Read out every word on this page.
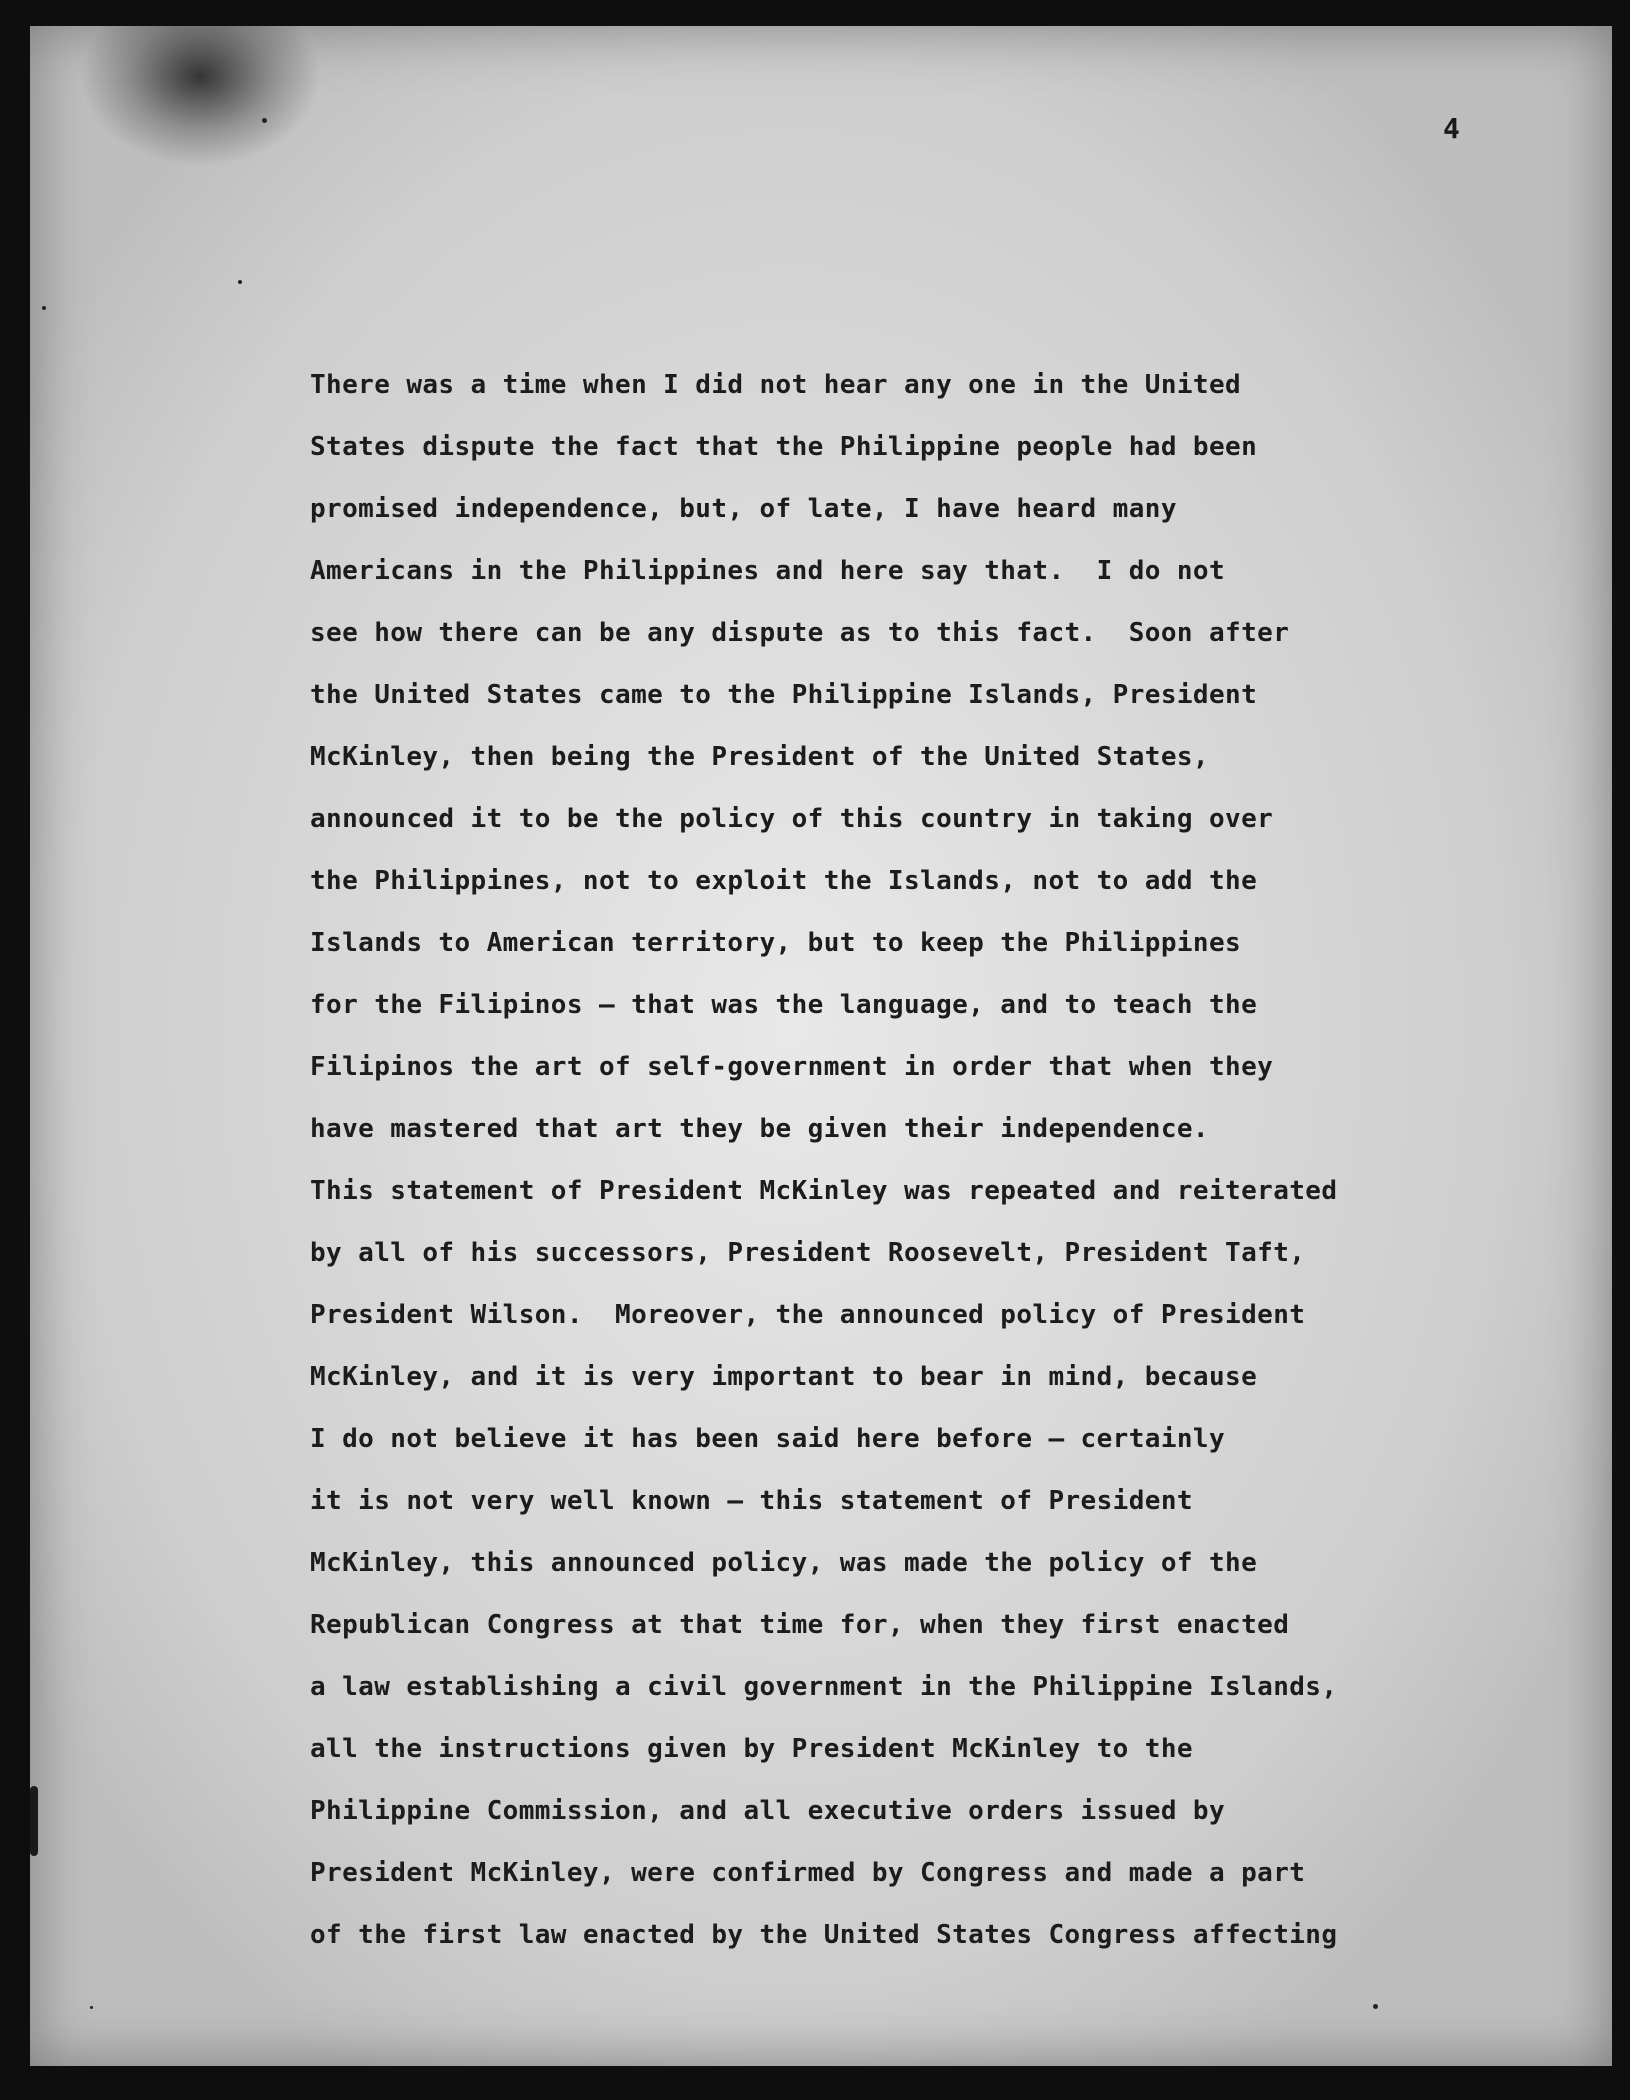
4
There was a time when I did not hear any one in the United
States dispute the fact that the Philippine people had been
promised independence, but, of late, I have heard many
Americans in the Philippines and here say that.  I do not
see how there can be any dispute as to this fact.  Soon after
the United States came to the Philippine Islands, President
McKinley, then being the President of the United States,
announced it to be the policy of this country in taking over
the Philippines, not to exploit the Islands, not to add the
Islands to American territory, but to keep the Philippines
for the Filipinos — that was the language, and to teach the
Filipinos the art of self-government in order that when they
have mastered that art they be given their independence.
This statement of President McKinley was repeated and reiterated
by all of his successors, President Roosevelt, President Taft,
President Wilson.  Moreover, the announced policy of President
McKinley, and it is very important to bear in mind, because
I do not believe it has been said here before — certainly
it is not very well known — this statement of President
McKinley, this announced policy, was made the policy of the
Republican Congress at that time for, when they first enacted
a law establishing a civil government in the Philippine Islands,
all the instructions given by President McKinley to the
Philippine Commission, and all executive orders issued by
President McKinley, were confirmed by Congress and made a part
of the first law enacted by the United States Congress affecting
